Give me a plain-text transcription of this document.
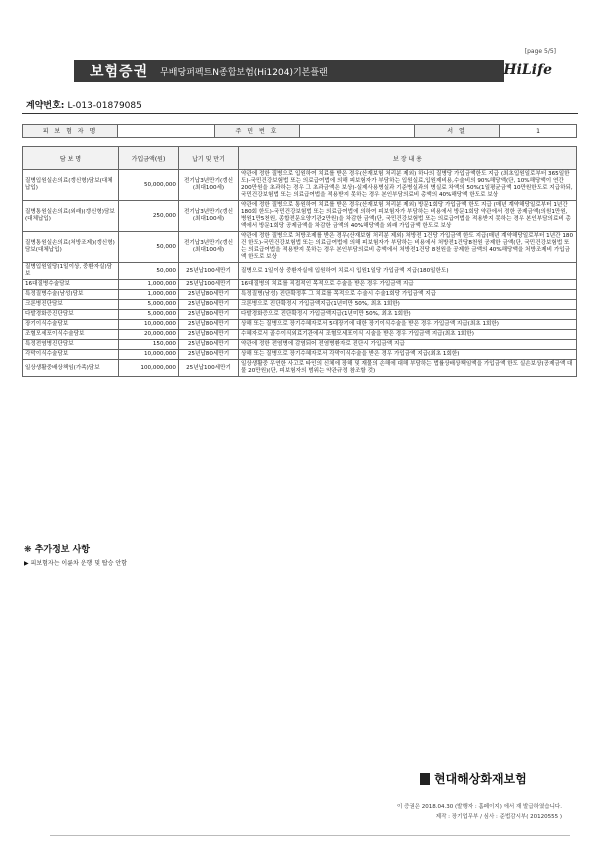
[page 5/5]
보험증권 무배당퍼펙트N종합보험(Hi1204)기본플랜	HiLife
계약번호: L-013-01879085
피 보 험 자 명		주 민 번 호		서 열	1
담 보 명	가입금액(원)	납기 및 만기	보 장 내 용
질병입원실손의료(갱신형)담보(대체납입)	50,000,000	전기납3년만기(갱신(최대100세)	약관에 정한 질병으로 입원하여 치료를 받은 경우(산재보험 처리분 제외) 하나의 질병당 가입금액한도 지급 (최초입원일로부터 365일한도)-국민건강보험법 또는 의료급여법에 의해 피보험자가 부담하는 입원실료,입원제비용,수술비의 90%해당액(단, 10%해당액이 연간 200만원을 초과하는 경우 그 초과금액은 보상)-실제사용병실과 기준병실과의 병실료 차액의 50%(1일평균금액 10만원한도로 지급하되, 국민건강보험법 또는 의료급여법을 적용받지 못하는 경우 본인부담의료비 총액의 40%해당액 한도로 보상
질병통원실손의료(외래)(갱신형)담보(대체납입)	250,000	전기납3년만기(갱신(최대100세)	약관에 정한 질병으로 통원하여 치료를 받은 경우(산재보험 처리분 제외) 방문1회당 가입금액 한도 지급 (매년 계약해당일로부터 1년간 180회 한도)-국민건강보험법 또는 의료급여법에 의하여 피보험자가 부담하는 비용에서 방문1회당 약관에서 정한 공제금액(의원1만원, 병원1만5천원, 종합전문요양기관2만원)을 차감한 금액(단, 국민건강보험법 또는 의료급여법을 적용받지 못하는 경우 본인부담의료비 총액에서 방문1회당 공제금액을 차감한 금액의 40%해당액을 외래 가입금액 한도로 보상
질병통원실손의료(처방조제)(갱신형)담보(대체납입)	50,000	전기납3년만기(갱신(최대100세)	약관에 정한 질병으로 처방조제를 받은 경우(산재보험 처리분 제외) 처방전 1건당 가입금액 한도 지급(매년 계약해당일로부터 1년간 180건 한도)-국민건강보험법 또는 의료급여법에 의해 피보험자가 부담하는 비용에서 처방전1건당8천원 공제한 금액(단, 국민건강보험법 또는 의료급여법을 적용받지 못하는 경우 본인부담의료비 총액에서 처방전1건당 8천원을 공제한 금액의 40%해당액을 처방조제비 가입금액 한도로 보상
질병입원일당(1일이상, 중환자실)담보	50,000	25년납100세만기	질병으로 1일이상 중환자실에 입원하여 치료시 입원1일당 가입금액 지급(180일한도)
16대질병수술담보	1,000,000	25년납100세만기	16대질병의 치료를 직접적인 목적으로 수술을 받은 경우 가입금액 지급
특정질병수술(남성)담보	1,000,000	25년납80세만기	특정질병(남성) 진단확정후 그 치료를 목적으로 수술시 수술1회당 가입금액 지급
크론병진단담보	5,000,000	25년납80세만기	크론병으로 진단확정시 가입금액지급(1년미만 50%, 최초 1회한)
다발경화증진단담보	5,000,000	25년납80세만기	다발경화증으로 진단확정시 가입금액지급(1년미만 50%, 최초 1회한)
장기이식수술담보	10,000,000	25년납80세만기	상해 또는 질병으로 장기수혜자로서 5대장기에 대한 장기이식수술을 받은 경우 가입금액 지급(최초 1회한)
조혈모세포이식수술담보	20,000,000	25년납80세만기	수혜자로서 골수이식외료기관에서 조혈모세포이식 시술을 받은 경우 가입금액 지급(최초 1회한)
특정전염병진단담보	150,000	25년납80세만기	약관에 정한 전염병에 감염되어 전염병환자로 진단시 가입금액 지급
각막이식수술담보	10,000,000	25년납80세만기	상해 또는 질병으로 장기수혜자로서 각막이식수술을 받은 경우 가입금액 지급(최초 1회한)
일상생활중배상책임(가족)담보	100,000,000	25년납100세만기	일상생활중 우연한 사고로 타인의 신체에 장해 및 재물의 손해에 대해 부담하는 법률상배상책임액을 가입금액 한도 실손보상(공제금액 대물 20만원)(단, 피보험자의 범위는 약관규정 참조할 것)
❋ 추가정보 사항
▶ 피보험자는 이륜차 운행 및 탑승 안함
현대해상화재보험
이 증권은 2018.04.30 (발행자 : 홈페이지) 에서 재 발급하였습니다.
제작 : 장기업무부 / 심사 : 준법감시부( 20120555 )
